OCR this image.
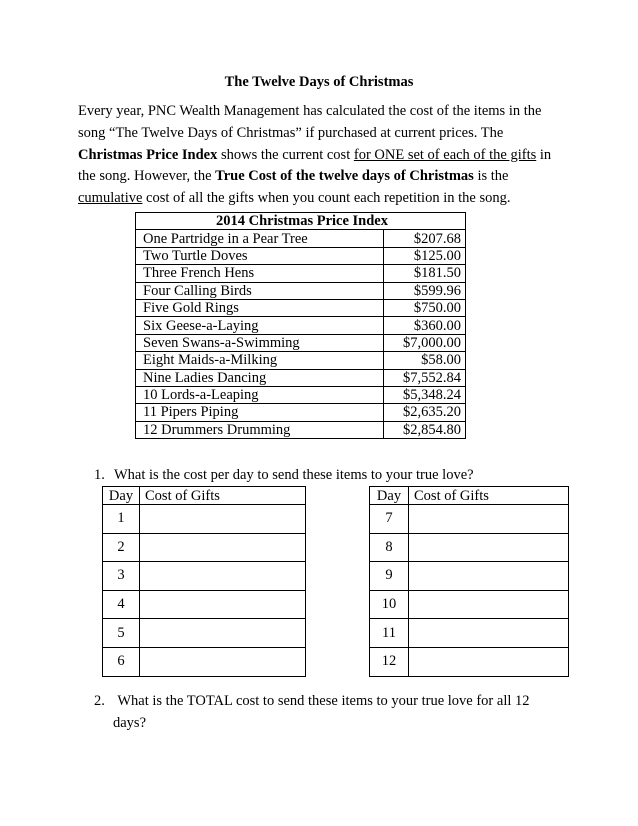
The Twelve Days of Christmas
Every year, PNC Wealth Management has calculated the cost of the items in the
song “The Twelve Days of Christmas” if purchased at current prices. The
Christmas Price Index shows the current cost for ONE set of each of the gifts in
the song. However, the True Cost of the twelve days of Christmas is the
cumulative cost of all the gifts when you count each repetition in the song.
2014 Christmas Price Index	
One Partridge in a Pear Tree	$207.68
Two Turtle Doves	$125.00
Three French Hens	$181.50
Four Calling Birds	$599.96
Five Gold Rings	$750.00
Six Geese-a-Laying	$360.00
Seven Swans-a-Swimming	$7,000.00
Eight Maids-a-Milking	$58.00
Nine Ladies Dancing	$7,552.84
10 Lords-a-Leaping	$5,348.24
11 Pipers Piping	$2,635.20
12 Drummers Drumming	$2,854.80
1. What is the cost per day to send these items to your true love?
Day	Cost of Gifts
1	
2	
3	
4	
5	
6	
Day	Cost of Gifts
7	
8	
9	
10	
11	
12	
2. What is the TOTAL cost to send these items to your true love for all 12
days?
